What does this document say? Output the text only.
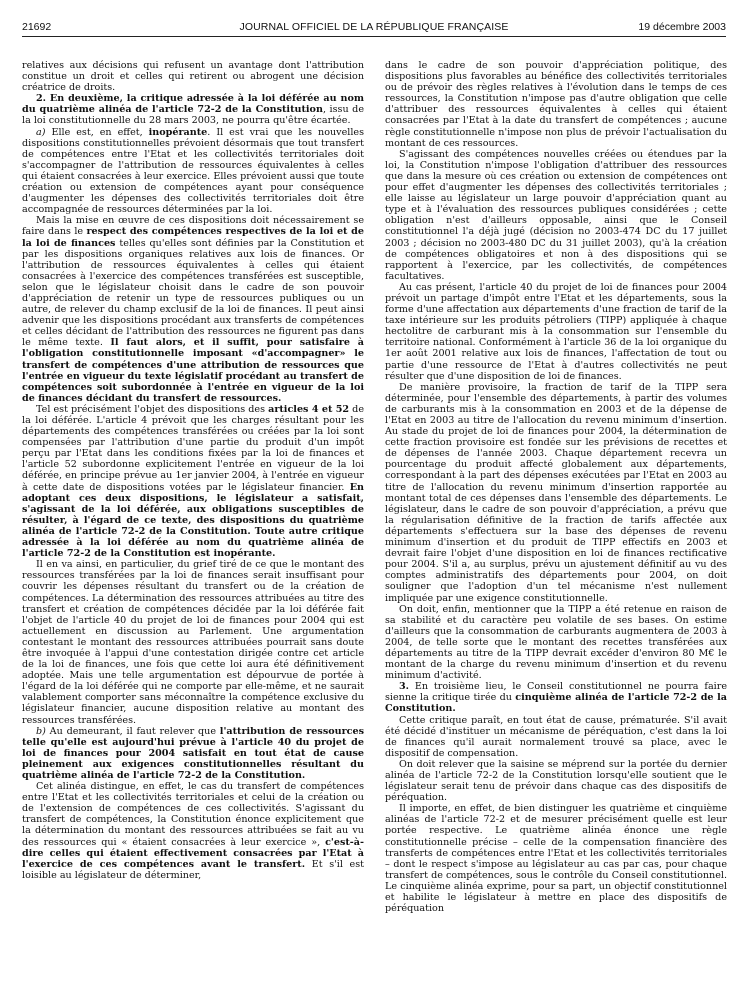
21692	JOURNAL OFFICIEL DE LA RÉPUBLIQUE FRANÇAISE	19 décembre 2003

relatives aux décisions qui refusent un avantage dont l'attribution constitue un droit et celles qui retirent ou abrogent une décision créatrice de droits.

2. En deuxième, la critique adressée à la loi déférée au nom du quatrième alinéa de l'article 72-2 de la Constitution, issu de la loi constitutionnelle du 28 mars 2003, ne pourra qu'être écartée.

a) Elle est, en effet, inopérante. Il est vrai que les nouvelles dispositions constitutionnelles prévoient désormais que tout transfert de compétences entre l'Etat et les collectivités territoriales doit s'accompagner de l'attribution de ressources équivalentes à celles qui étaient consacrées à leur exercice. Elles prévoient aussi que toute création ou extension de compétences ayant pour conséquence d'augmenter les dépenses des collectivités territoriales doit être accompagnée de ressources déterminées par la loi.

Mais la mise en œuvre de ces dispositions doit nécessairement se faire dans le respect des compétences respectives de la loi et de la loi de finances telles qu'elles sont définies par la Constitution et par les dispositions organiques relatives aux lois de finances. Or l'attribution de ressources équivalentes à celles qui étaient consacrées à l'exercice des compétences transférées est susceptible, selon que le législateur choisit dans le cadre de son pouvoir d'appréciation de retenir un type de ressources publiques ou un autre, de relever du champ exclusif de la loi de finances. Il peut ainsi advenir que les dispositions procédant aux transferts de compétences et celles décidant de l'attribution des ressources ne figurent pas dans le même texte. Il faut alors, et il suffit, pour satisfaire à l'obligation constitutionnelle imposant «d'accompagner» le transfert de compétences d'une attribution de ressources que l'entrée en vigueur du texte législatif procédant au transfert de compétences soit subordonnée à l'entrée en vigueur de la loi de finances décidant du transfert de ressources.

Tel est précisément l'objet des dispositions des articles 4 et 52 de la loi déférée. L'article 4 prévoit que les charges résultant pour les départements des compétences transférées ou créées par la loi sont compensées par l'attribution d'une partie du produit d'un impôt perçu par l'Etat dans les conditions fixées par la loi de finances et l'article 52 subordonne explicitement l'entrée en vigueur de la loi déférée, en principe prévue au 1er janvier 2004, à l'entrée en vigueur à cette date de dispositions votées par le législateur financier. En adoptant ces deux dispositions, le législateur a satisfait, s'agissant de la loi déférée, aux obligations susceptibles de résulter, à l'égard de ce texte, des dispositions du quatrième alinéa de l'article 72-2 de la Constitution. Toute autre critique adressée à la loi déférée au nom du quatrième alinéa de l'article 72-2 de la Constitution est inopérante.

Il en va ainsi, en particulier, du grief tiré de ce que le montant des ressources transférées par la loi de finances serait insuffisant pour couvrir les dépenses résultant du transfert ou de la création de compétences. La détermination des ressources attribuées au titre des transfert et création de compétences décidée par la loi déférée fait l'objet de l'article 40 du projet de loi de finances pour 2004 qui est actuellement en discussion au Parlement. Une argumentation contestant le montant des ressources attribuées pourrait sans doute être invoquée à l'appui d'une contestation dirigée contre cet article de la loi de finances, une fois que cette loi aura été définitivement adoptée. Mais une telle argumentation est dépourvue de portée à l'égard de la loi déférée qui ne comporte par elle-même, et ne saurait valablement comporter sans méconnaître la compétence exclusive du législateur financier, aucune disposition relative au montant des ressources transférées.

b) Au demeurant, il faut relever que l'attribution de ressources telle qu'elle est aujourd'hui prévue à l'article 40 du projet de loi de finances pour 2004 satisfait en tout état de cause pleinement aux exigences constitutionnelles résultant du quatrième alinéa de l'article 72-2 de la Constitution.

Cet alinéa distingue, en effet, le cas du transfert de compétences entre l'Etat et les collectivités territoriales et celui de la création ou de l'extension de compétences de ces collectivités. S'agissant du transfert de compétences, la Constitution énonce explicitement que la détermination du montant des ressources attribuées se fait au vu des ressources qui « étaient consacrées à leur exercice », c'est-à-dire celles qui étaient effectivement consacrées par l'Etat à l'exercice de ces compétences avant le transfert. Et s'il est loisible au législateur de déterminer,

dans le cadre de son pouvoir d'appréciation politique, des dispositions plus favorables au bénéfice des collectivités territoriales ou de prévoir des règles relatives à l'évolution dans le temps de ces ressources, la Constitution n'impose pas d'autre obligation que celle d'attribuer des ressources équivalentes à celles qui étaient consacrées par l'Etat à la date du transfert de compétences ; aucune règle constitutionnelle n'impose non plus de prévoir l'actualisation du montant de ces ressources.

S'agissant des compétences nouvelles créées ou étendues par la loi, la Constitution n'impose l'obligation d'attribuer des ressources que dans la mesure où ces création ou extension de compétences ont pour effet d'augmenter les dépenses des collectivités territoriales ; elle laisse au législateur un large pouvoir d'appréciation quant au type et à l'évaluation des ressources publiques considérées ; cette obligation n'est d'ailleurs opposable, ainsi que le Conseil constitutionnel l'a déjà jugé (décision no 2003-474 DC du 17 juillet 2003 ; décision no 2003-480 DC du 31 juillet 2003), qu'à la création de compétences obligatoires et non à des dispositions qui se rapportent à l'exercice, par les collectivités, de compétences facultatives.

Au cas présent, l'article 40 du projet de loi de finances pour 2004 prévoit un partage d'impôt entre l'Etat et les départements, sous la forme d'une affectation aux départements d'une fraction de tarif de la taxe intérieure sur les produits pétroliers (TIPP) appliquée à chaque hectolitre de carburant mis à la consommation sur l'ensemble du territoire national. Conformément à l'article 36 de la loi organique du 1er août 2001 relative aux lois de finances, l'affectation de tout ou partie d'une ressource de l'Etat à d'autres collectivités ne peut résulter que d'une disposition de loi de finances.

De manière provisoire, la fraction de tarif de la TIPP sera déterminée, pour l'ensemble des départements, à partir des volumes de carburants mis à la consommation en 2003 et de la dépense de l'Etat en 2003 au titre de l'allocation du revenu minimum d'insertion. Au stade du projet de loi de finances pour 2004, la détermination de cette fraction provisoire est fondée sur les prévisions de recettes et de dépenses de l'année 2003. Chaque département recevra un pourcentage du produit affecté globalement aux départements, correspondant à la part des dépenses exécutées par l'Etat en 2003 au titre de l'allocation du revenu minimum d'insertion rapportée au montant total de ces dépenses dans l'ensemble des départements. Le législateur, dans le cadre de son pouvoir d'appréciation, a prévu que la régularisation définitive de la fraction de tarifs affectée aux départements s'effectuera sur la base des dépenses de revenu minimum d'insertion et du produit de TIPP effectifs en 2003 et devrait faire l'objet d'une disposition en loi de finances rectificative pour 2004. S'il a, au surplus, prévu un ajustement définitif au vu des comptes administratifs des départements pour 2004, on doit souligner que l'adoption d'un tel mécanisme n'est nullement impliquée par une exigence constitutionnelle.

On doit, enfin, mentionner que la TIPP a été retenue en raison de sa stabilité et du caractère peu volatile de ses bases. On estime d'ailleurs que la consommation de carburants augmentera de 2003 à 2004, de telle sorte que le montant des recettes transférées aux départements au titre de la TIPP devrait excéder d'environ 80 M€ le montant de la charge du revenu minimum d'insertion et du revenu minimum d'activité.

3. En troisième lieu, le Conseil constitutionnel ne pourra faire sienne la critique tirée du cinquième alinéa de l'article 72-2 de la Constitution.

Cette critique paraît, en tout état de cause, prématurée. S'il avait été décidé d'instituer un mécanisme de péréquation, c'est dans la loi de finances qu'il aurait normalement trouvé sa place, avec le dispositif de compensation.

On doit relever que la saisine se méprend sur la portée du dernier alinéa de l'article 72-2 de la Constitution lorsqu'elle soutient que le législateur serait tenu de prévoir dans chaque cas des dispositifs de péréquation.

Il importe, en effet, de bien distinguer les quatrième et cinquième alinéas de l'article 72-2 et de mesurer précisément quelle est leur portée respective. Le quatrième alinéa énonce une règle constitutionnelle précise – celle de la compensation financière des transferts de compétences entre l'Etat et les collectivités territoriales – dont le respect s'impose au législateur au cas par cas, pour chaque transfert de compétences, sous le contrôle du Conseil constitutionnel. Le cinquième alinéa exprime, pour sa part, un objectif constitutionnel et habilite le législateur à mettre en place des dispositifs de péréquation
